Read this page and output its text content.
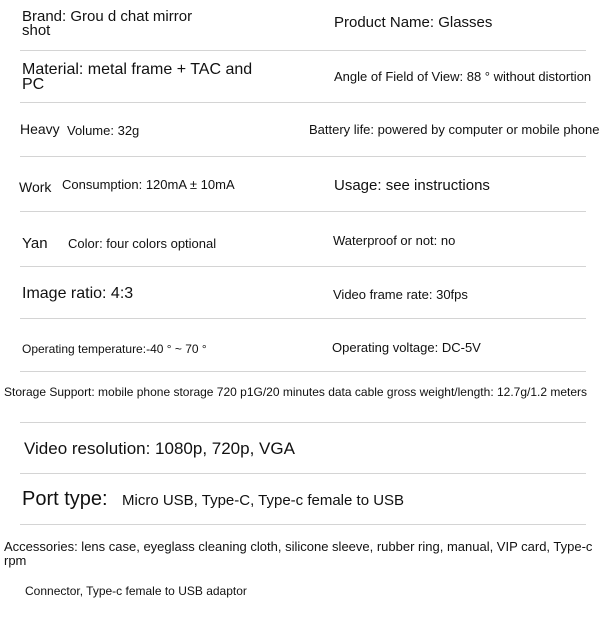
Brand: Grou d chat mirror
shot	Product Name: Glasses
Material: metal frame + TAC and
PC	Angle of Field of View: 88 ° without distortion
Heavy Volume: 32g	Battery life: powered by computer or mobile phone
Work Consumption: 120mA ± 10mA	Usage: see instructions
Yan Color: four colors optional	Waterproof or not: no
Image ratio: 4:3	Video frame rate: 30fps
Operating temperature:-40 ° ~ 70 °	Operating voltage: DC-5V
Storage Support: mobile phone storage 720 p1G/20 minutes data cable gross weight/length: 12.7g/1.2 meters
Video resolution: 1080p, 720p, VGA
Port type: Micro USB, Type-C, Type-c female to USB
Accessories: lens case, eyeglass cleaning cloth, silicone sleeve, rubber ring, manual, VIP card, Type-c rpm
Connector, Type-c female to USB adaptor
